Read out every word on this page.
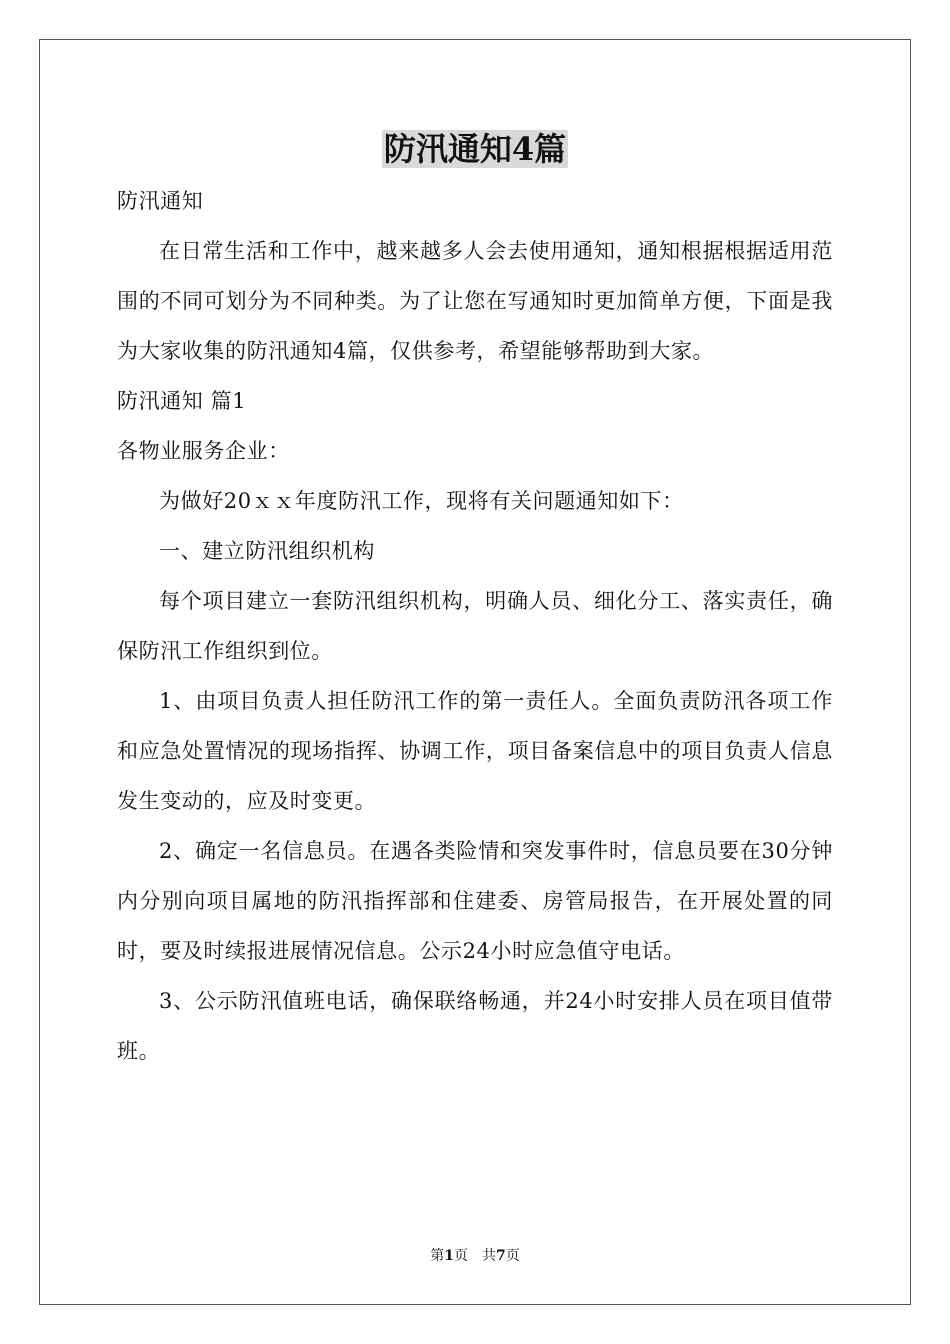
防汛通知4篇

防汛通知

在日常生活和工作中，越来越多人会去使用通知，通知根据根据适用范围的不同可划分为不同种类。为了让您在写通知时更加简单方便，下面是我为大家收集的防汛通知4篇，仅供参考，希望能够帮助到大家。

防汛通知 篇1

各物业服务企业：

为做好20ｘｘ年度防汛工作，现将有关问题通知如下：

一、建立防汛组织机构

每个项目建立一套防汛组织机构，明确人员、细化分工、落实责任，确保防汛工作组织到位。

1、由项目负责人担任防汛工作的第一责任人。全面负责防汛各项工作和应急处置情况的现场指挥、协调工作，项目备案信息中的项目负责人信息发生变动的，应及时变更。

2、确定一名信息员。在遇各类险情和突发事件时，信息员要在30分钟内分别向项目属地的防汛指挥部和住建委、房管局报告，在开展处置的同时，要及时续报进展情况信息。公示24小时应急值守电话。

3、公示防汛值班电话，确保联络畅通，并24小时安排人员在项目值带班。

第1页　共7页
